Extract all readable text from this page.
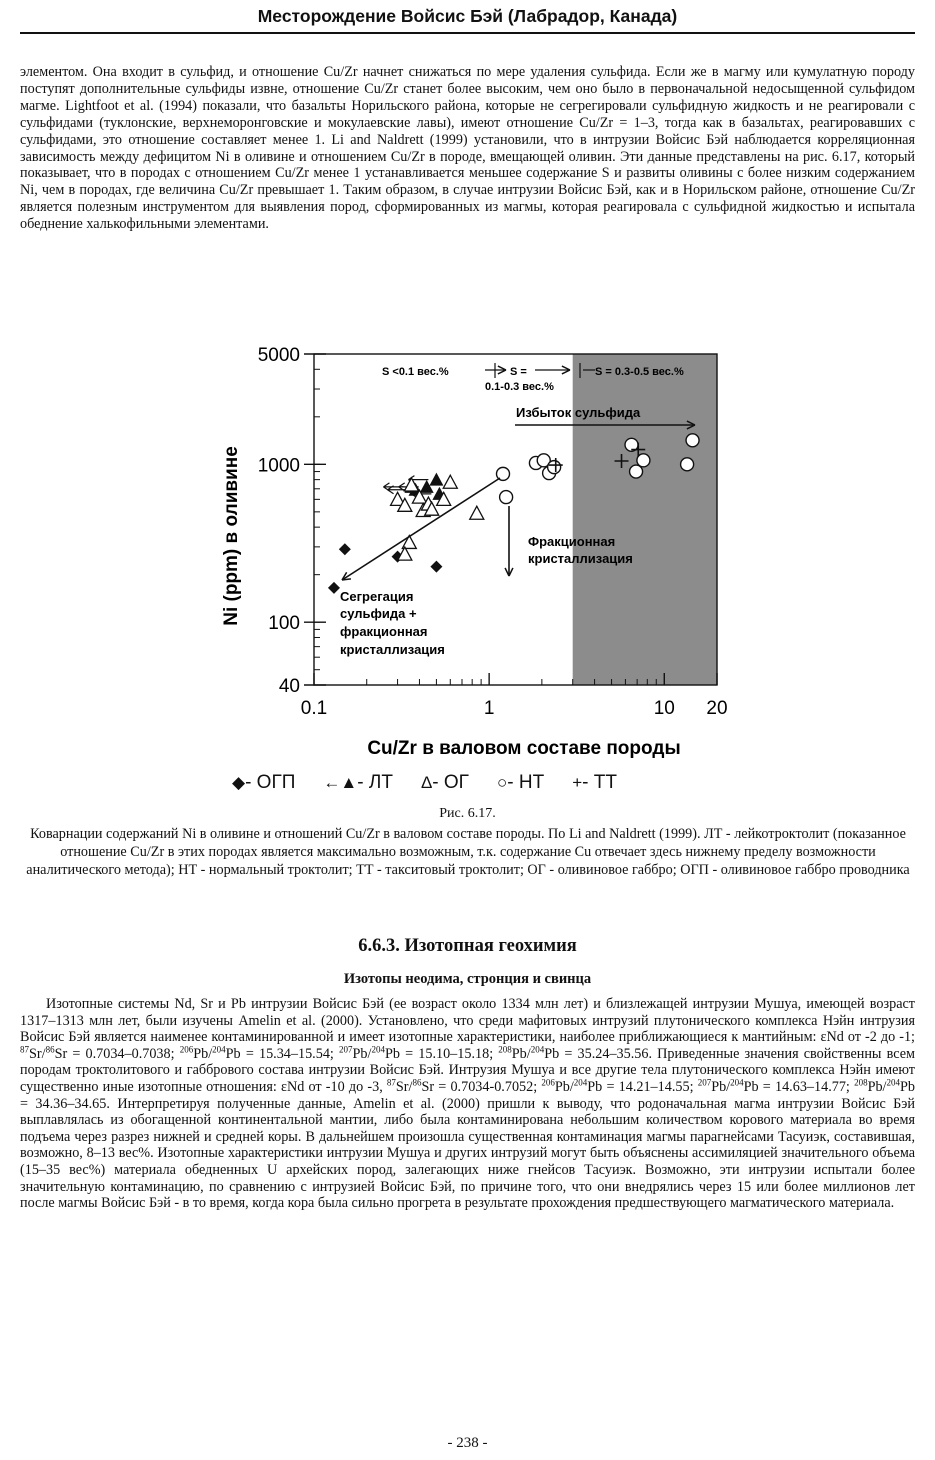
Месторождение Войсис Бэй (Лабрадор, Канада)

элементом. Она входит в сульфид, и отношение Cu/Zr начнет снижаться по мере удаления сульфида. Если же в магму или кумулатную породу поступят дополнительные сульфиды извне, отношение Cu/Zr станет более высоким, чем оно было в первоначальной недосыщенной сульфидом магме. Lightfoot et al. (1994) показали, что базальты Норильского района, которые не сегрегировали сульфидную жидкость и не реагировали с сульфидами (туклонские, верхнеморонговские и мокулаевские лавы), имеют отношение Cu/Zr = 1–3, тогда как в базальтах, реагировавших с сульфидами, это отношение составляет менее 1. Li and Naldrett (1999) установили, что в интрузии Войсис Бэй наблюдается корреляционная зависимость между дефицитом Ni в оливине и отношением Cu/Zr в породе, вмещающей оливин. Эти данные представлены на рис. 6.17, который показывает, что в породах с отношением Cu/Zr менее 1 устанавливается меньшее содержание S и развиты оливины с более низким содержанием Ni, чем в породах, где величина Cu/Zr превышает 1. Таким образом, в случае интрузии Войсис Бэй, как и в Норильском районе, отношение Cu/Zr является полезным инструментом для выявления пород, сформированных из магмы, которая реагировала с сульфидной жидкостью и испытала обеднение халькофильными элементами.

0.1	1	10 20
40
100
1000
5000
S <0.1 вес.%	S =
0.1-0.3 вес.%
S = 0.3-0.5 вес.%
Избыток сульфида
Фракционная
кристаллизация
Сегрегация
сульфида +
фракционная
кристаллизация
Cu/Zr в валовом составе породы
Ni (ppm) в оливине
◆- ОГП ←▲- ЛТ Δ- ОГ ○- НТ +- ТТ
Рис. 6.17.

Коварнации содержаний Ni в оливине и отношений Cu/Zr в валовом составе породы. По Li and Naldrett (1999). ЛТ - лейкотроктолит (показанное отношение Cu/Zr в этих породах является максимально возможным, т.к. содержание Cu отвечает здесь нижнему пределу возможности аналитического метода); НТ - нормальный троктолит; ТТ - такситовый троктолит; ОГ - оливиновое габбро; ОГП - оливиновое габбро проводника

6.6.3. Изотопная геохимия
Изотопы неодима, стронция и свинца

Изотопные системы Nd, Sr и Pb интрузии Войсис Бэй (ее возраст около 1334 млн лет) и близлежащей интрузии Мушуа, имеющей возраст 1317–1313 млн лет, были изучены Amelin et al. (2000). Установлено, что среди мафитовых интрузий плутонического комплекса Нэйн интрузия Войсис Бэй является наименее контаминированной и имеет изотопные характеристики, наиболее приближающиеся к мантийным: εNd от -2 до -1; $^{87}$Sr/$^{86}$Sr = 0.7034–0.7038; $^{206}$Pb/$^{204}$Pb = 15.34–15.54; $^{207}$Pb/$^{204}$Pb = 15.10–15.18; $^{208}$Pb/$^{204}$Pb = 35.24–35.56. Приведенные значения свойственны всем породам троктолитового и габбрового состава интрузии Войсис Бэй. Интрузия Мушуа и все другие тела плутонического комплекса Нэйн имеют существенно иные изотопные отношения: εNd от -10 до -3, $^{87}$Sr/$^{86}$Sr = 0.7034-0.7052; $^{206}$Pb/$^{204}$Pb = 14.21–14.55; $^{207}$Pb/$^{204}$Pb = 14.63–14.77; $^{208}$Pb/$^{204}$Pb = 34.36–34.65. Интерпретируя полученные данные, Amelin et al. (2000) пришли к выводу, что родоначальная магма интрузии Войсис Бэй выплавлялась из обогащенной континентальной мантии, либо была контаминирована небольшим количеством корового материала во время подъема через разрез нижней и средней коры. В дальнейшем произошла существенная контаминация магмы парагнейсами Тасуиэк, составившая, возможно, 8–13 вес%. Изотопные характеристики интрузии Мушуа и других интрузий могут быть объяснены ассимиляцией значительного объема (15–35 вес%) материала обедненных U архейских пород, залегающих ниже гнейсов Тасуиэк. Возможно, эти интрузии испытали более значительную контаминацию, по сравнению с интрузией Войсис Бэй, по причине того, что они внедрялись через 15 или более миллионов лет после магмы Войсис Бэй - в то время, когда кора была сильно прогрета в результате прохождения предшествующего магматического материала.

- 238 -
